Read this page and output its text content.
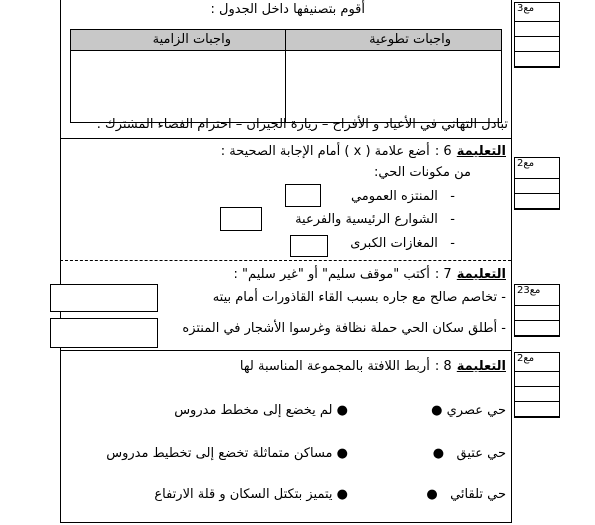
أقوم بتصنيفها داخل الجدول :
واجبات تطوعية
واجبات الزامية
تبادل التهاني في الأعياد و الأفراح – زيارة الجيران – احترام الفضاء المشترك .
مع3
التعليمة 6 : أضع علامة ( x ) أمام الإجابة الصحيحة :
من مكونات الحي:
-   المنتزه العمومي
-   الشوارع الرئيسية والفرعية
-   المغازات الكبرى
مع2
التعليمة 7 : أكتب "موقف سليم" أو "غير سليم" :
- تخاصم صالح مع جاره بسبب القاء القاذورات أمام بيته
- أطلق سكان الحي حملة نظافة وغرسوا الأشجار في المنتزه
مع23
التعليمة 8 : أربط اللافتة بالمجموعة المناسبة لها
حي عصري ●
حي عتيق   ●
حي تلقائي   ●
● لم يخضع إلى مخطط مدروس
● مساكن متماثلة تخضع إلى تخطيط مدروس
● يتميز بتكتل السكان و قلة الارتفاع
مع2
